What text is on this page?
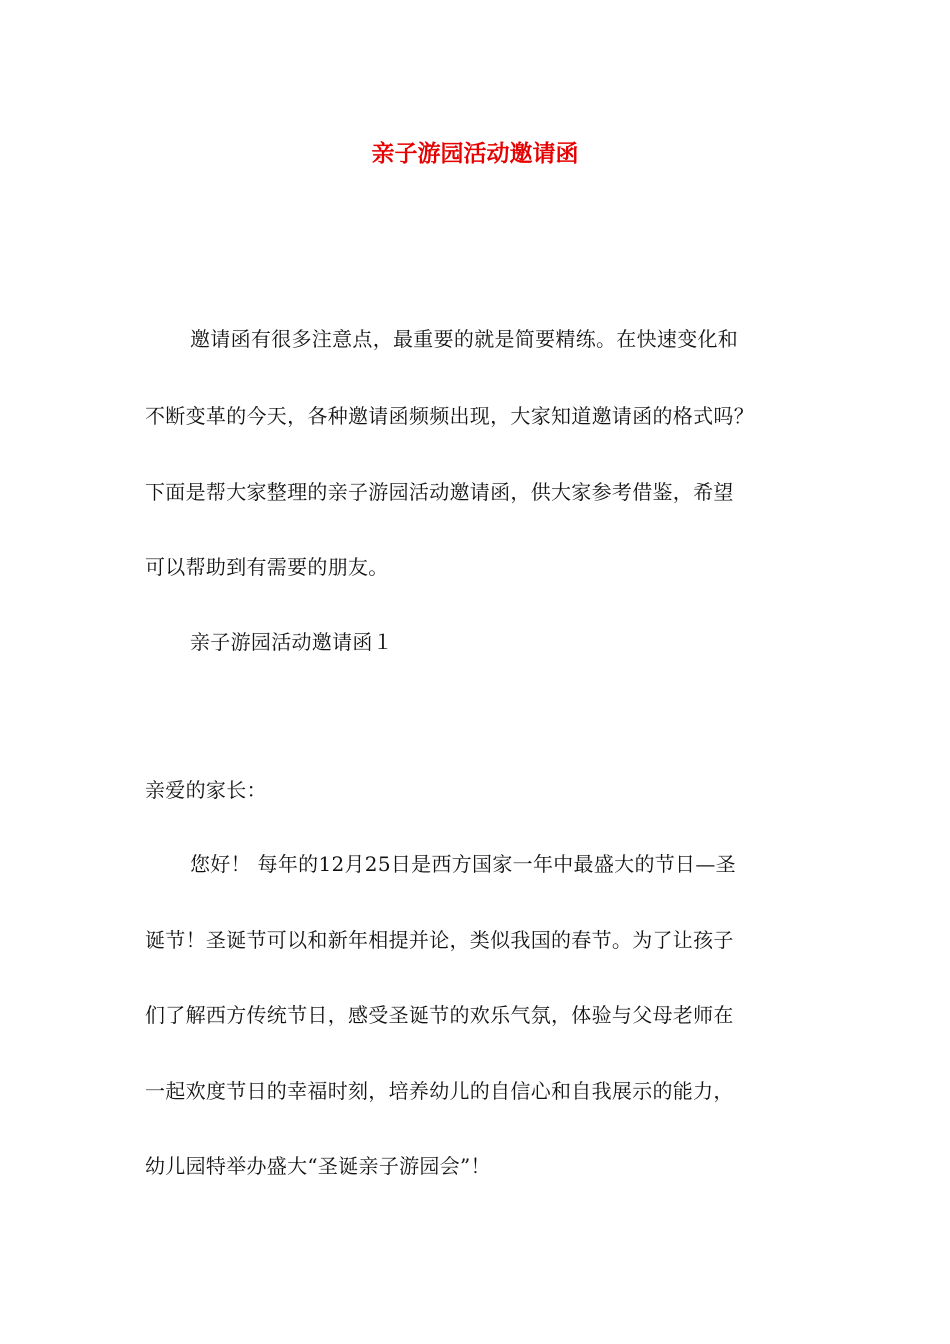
亲子游园活动邀请函
邀请函有很多注意点，最重要的就是简要精练。在快速变化和
不断变革的今天，各种邀请函频频出现，大家知道邀请函的格式吗？
下面是帮大家整理的亲子游园活动邀请函，供大家参考借鉴，希望
可以帮助到有需要的朋友。
亲子游园活动邀请函１
亲爱的家长：
您好！ 每年的12月25日是西方国家一年中最盛大的节日—圣
诞节！圣诞节可以和新年相提并论，类似我国的春节。为了让孩子
们了解西方传统节日，感受圣诞节的欢乐气氛，体验与父母老师在
一起欢度节日的幸福时刻，培养幼儿的自信心和自我展示的能力，
幼儿园特举办盛大“圣诞亲子游园会”！
